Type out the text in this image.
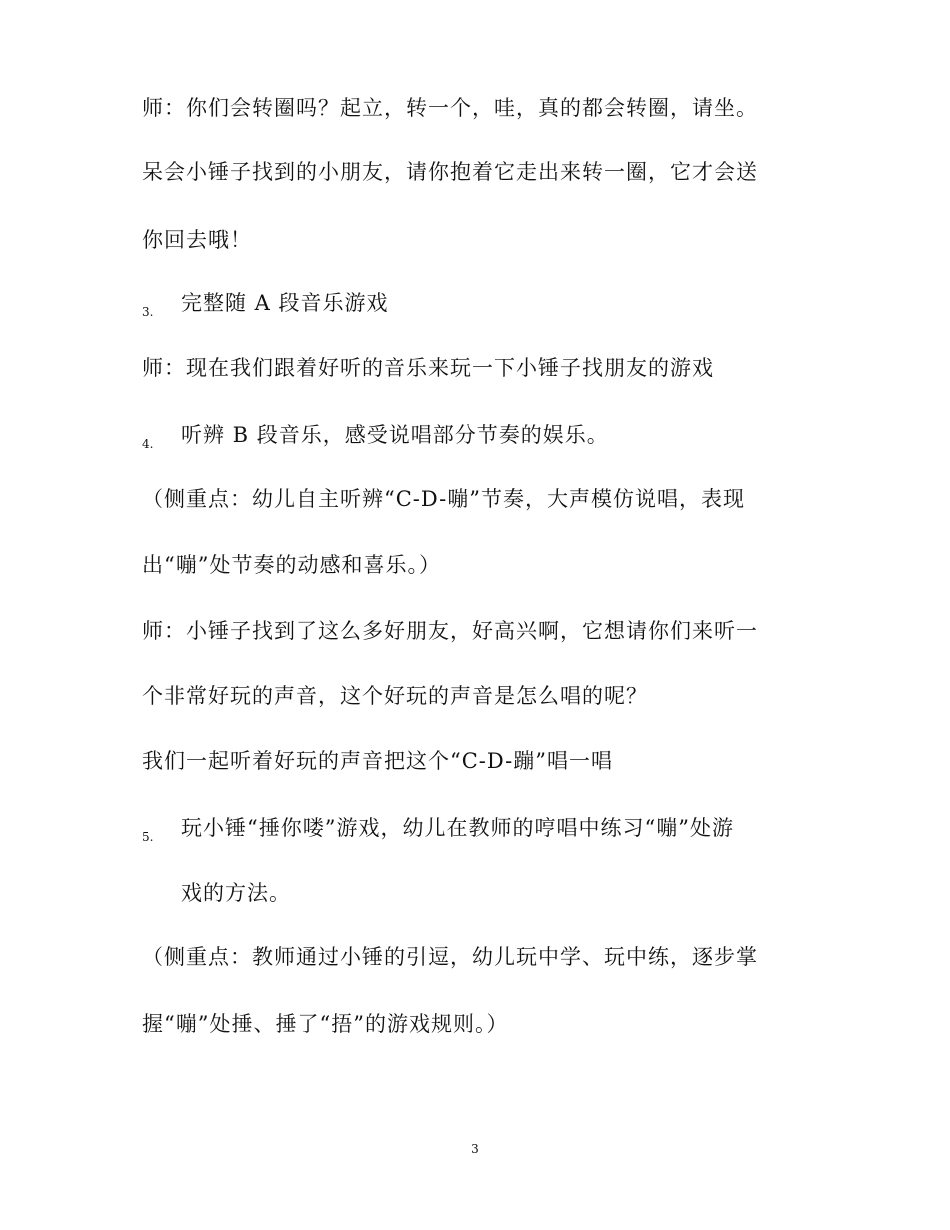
师：你们会转圈吗？起立，转一个，哇，真的都会转圈，请坐。
呆会小锤子找到的小朋友，请你抱着它走出来转一圈，它才会送
你回去哦！
3. 完整随 A 段音乐游戏
师：现在我们跟着好听的音乐来玩一下小锤子找朋友的游戏
4. 听辨 B 段音乐，感受说唱部分节奏的娱乐。
（侧重点：幼儿自主听辨“C-D-嘣”节奏，大声模仿说唱，表现
出“嘣”处节奏的动感和喜乐。）
师：小锤子找到了这么多好朋友，好高兴啊，它想请你们来听一
个非常好玩的声音，这个好玩的声音是怎么唱的呢？
我们一起听着好玩的声音把这个“C-D-蹦”唱一唱
5. 玩小锤“捶你喽”游戏，幼儿在教师的哼唱中练习“嘣”处游
戏的方法。
（侧重点：教师通过小锤的引逗，幼儿玩中学、玩中练，逐步掌
握“嘣”处捶、捶了“捂”的游戏规则。）
3
